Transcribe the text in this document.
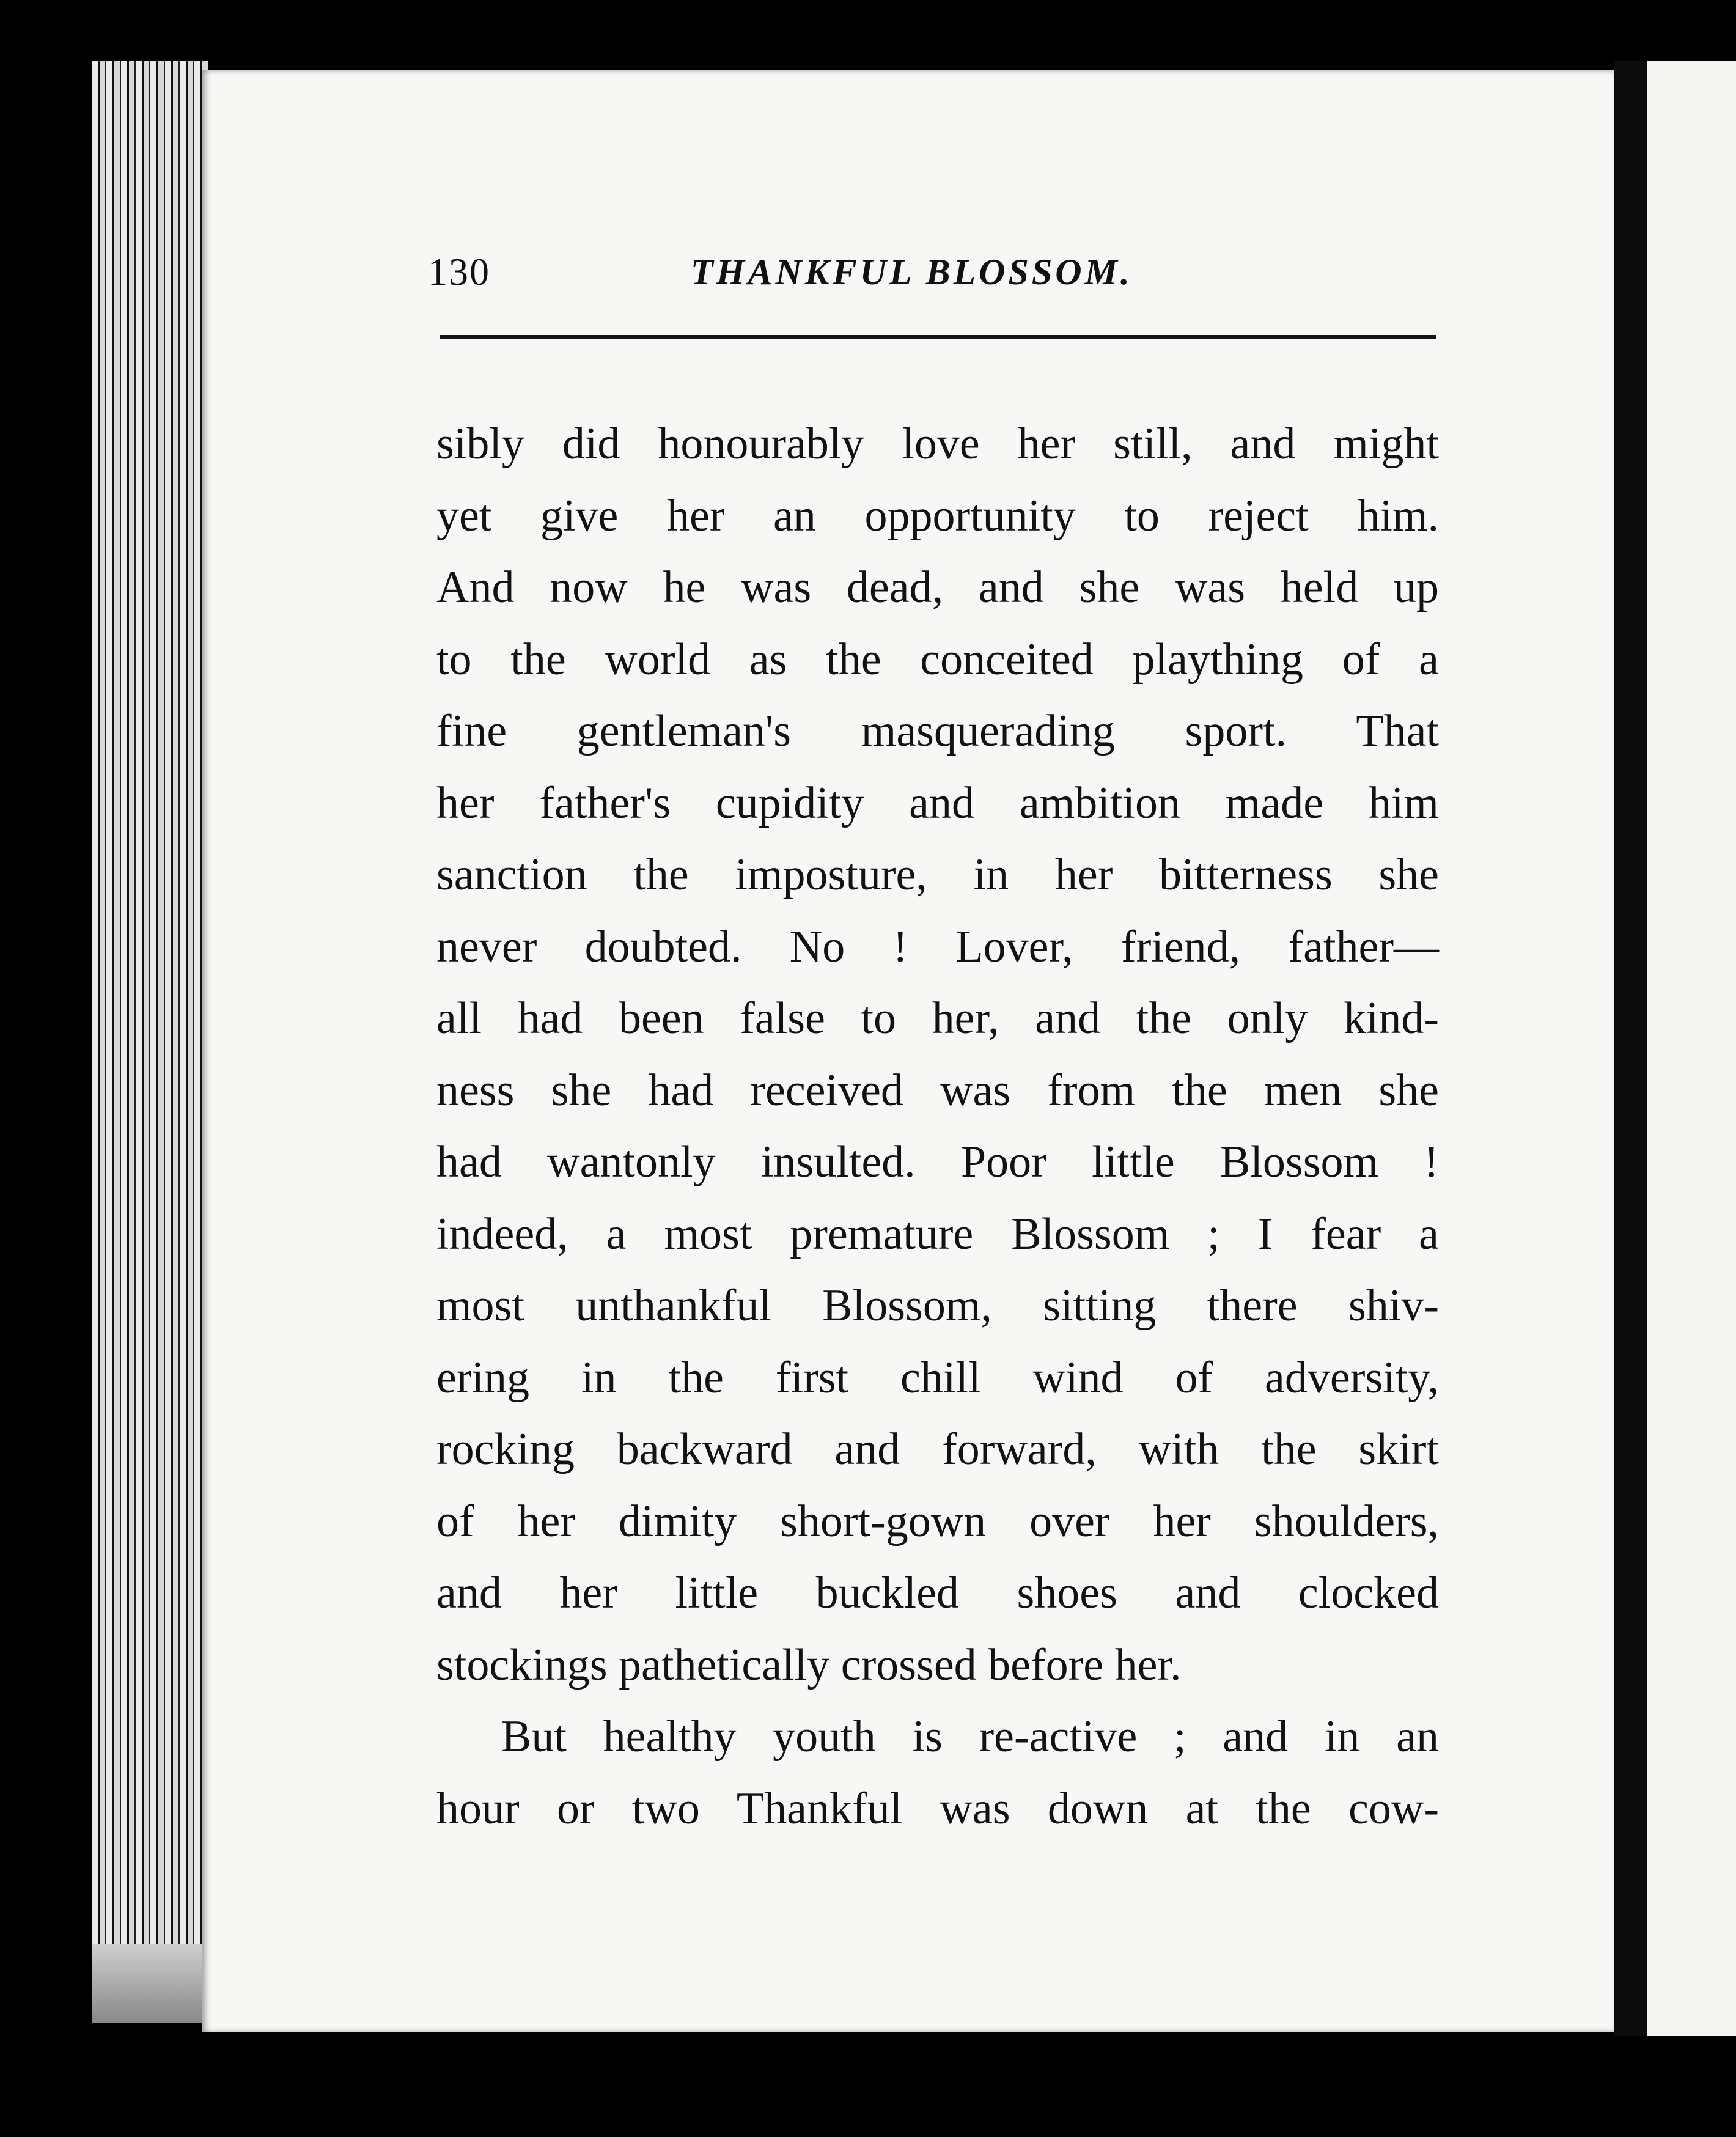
130	THANKFUL BLOSSOM.
sibly did honourably love her still, and might
yet give her an opportunity to reject him.
And now he was dead, and she was held up
to the world as the conceited plaything of a
fine gentleman's masquerading sport. That
her father's cupidity and ambition made him
sanction the imposture, in her bitterness she
never doubted. No ! Lover, friend, father—
all had been false to her, and the only kind-
ness she had received was from the men she
had wantonly insulted. Poor little Blossom !
indeed, a most premature Blossom ; I fear a
most unthankful Blossom, sitting there shiv-
ering in the first chill wind of adversity,
rocking backward and forward, with the skirt
of her dimity short-gown over her shoulders,
and her little buckled shoes and clocked
stockings pathetically crossed before her.
But healthy youth is re-active ; and in an
hour or two Thankful was down at the cow-
